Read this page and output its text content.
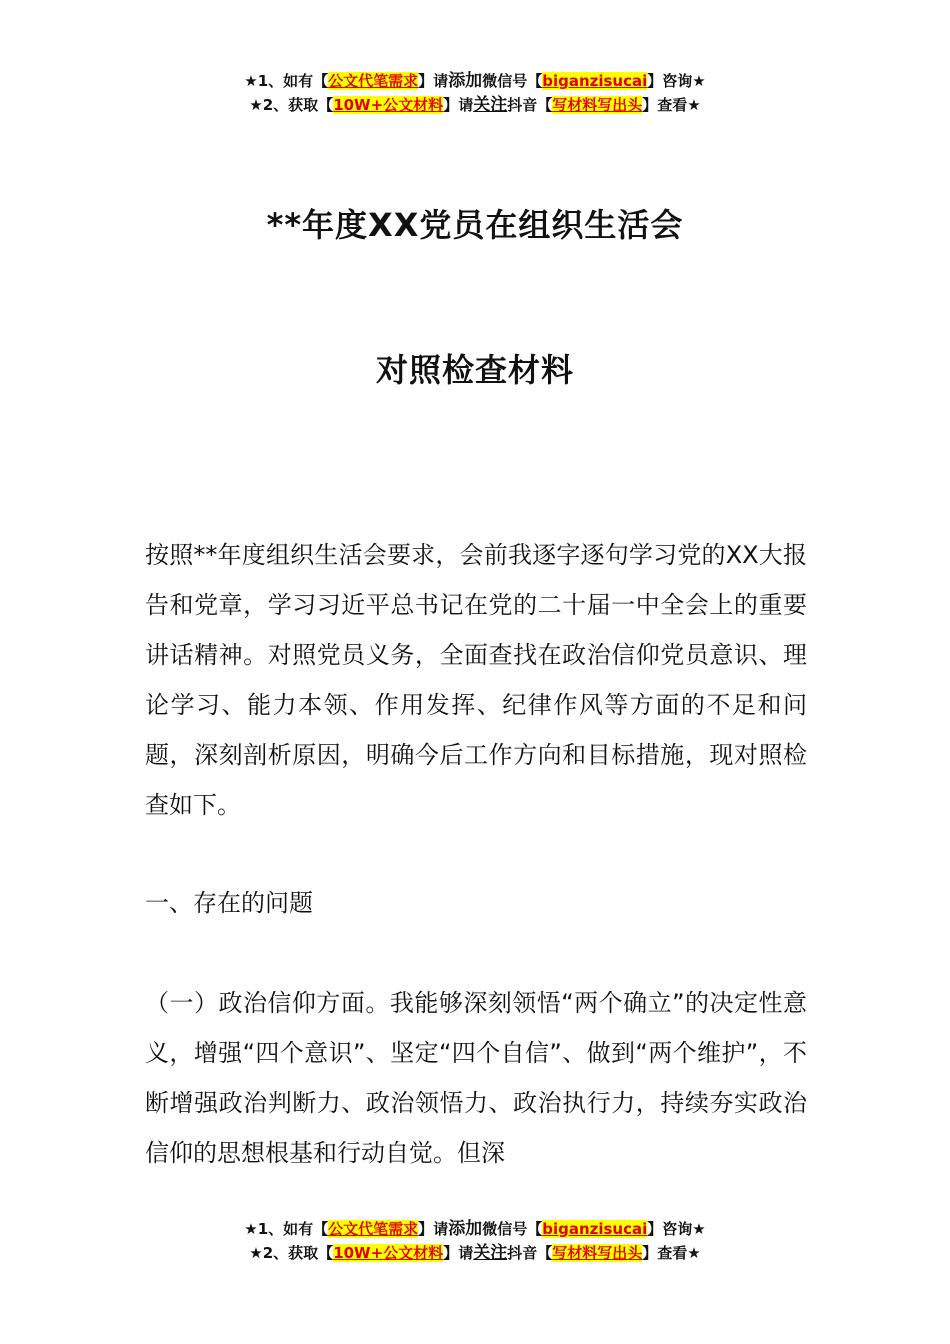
★1、如有【公文代笔需求】请添加微信号【biganzisucai】咨询★
★2、获取【10W+公文材料】请关注抖音【写材料写出头】查看★
**年度XX党员在组织生活会
对照检查材料
按照**年度组织生活会要求，会前我逐字逐句学习党的XX大报告和党章，学习习近平总书记在党的二十届一中全会上的重要讲话精神。对照党员义务，全面查找在政治信仰党员意识、理论学习、能力本领、作用发挥、纪律作风等方面的不足和问题，深刻剖析原因，明确今后工作方向和目标措施，现对照检查如下。
一、存在的问题
（一）政治信仰方面。我能够深刻领悟“两个确立”的决定性意义，增强“四个意识”、坚定“四个自信”、做到“两个维护”，不断增强政治判断力、政治领悟力、政治执行力，持续夯实政治信仰的思想根基和行动自觉。但深
★1、如有【公文代笔需求】请添加微信号【biganzisucai】咨询★
★2、获取【10W+公文材料】请关注抖音【写材料写出头】查看★
